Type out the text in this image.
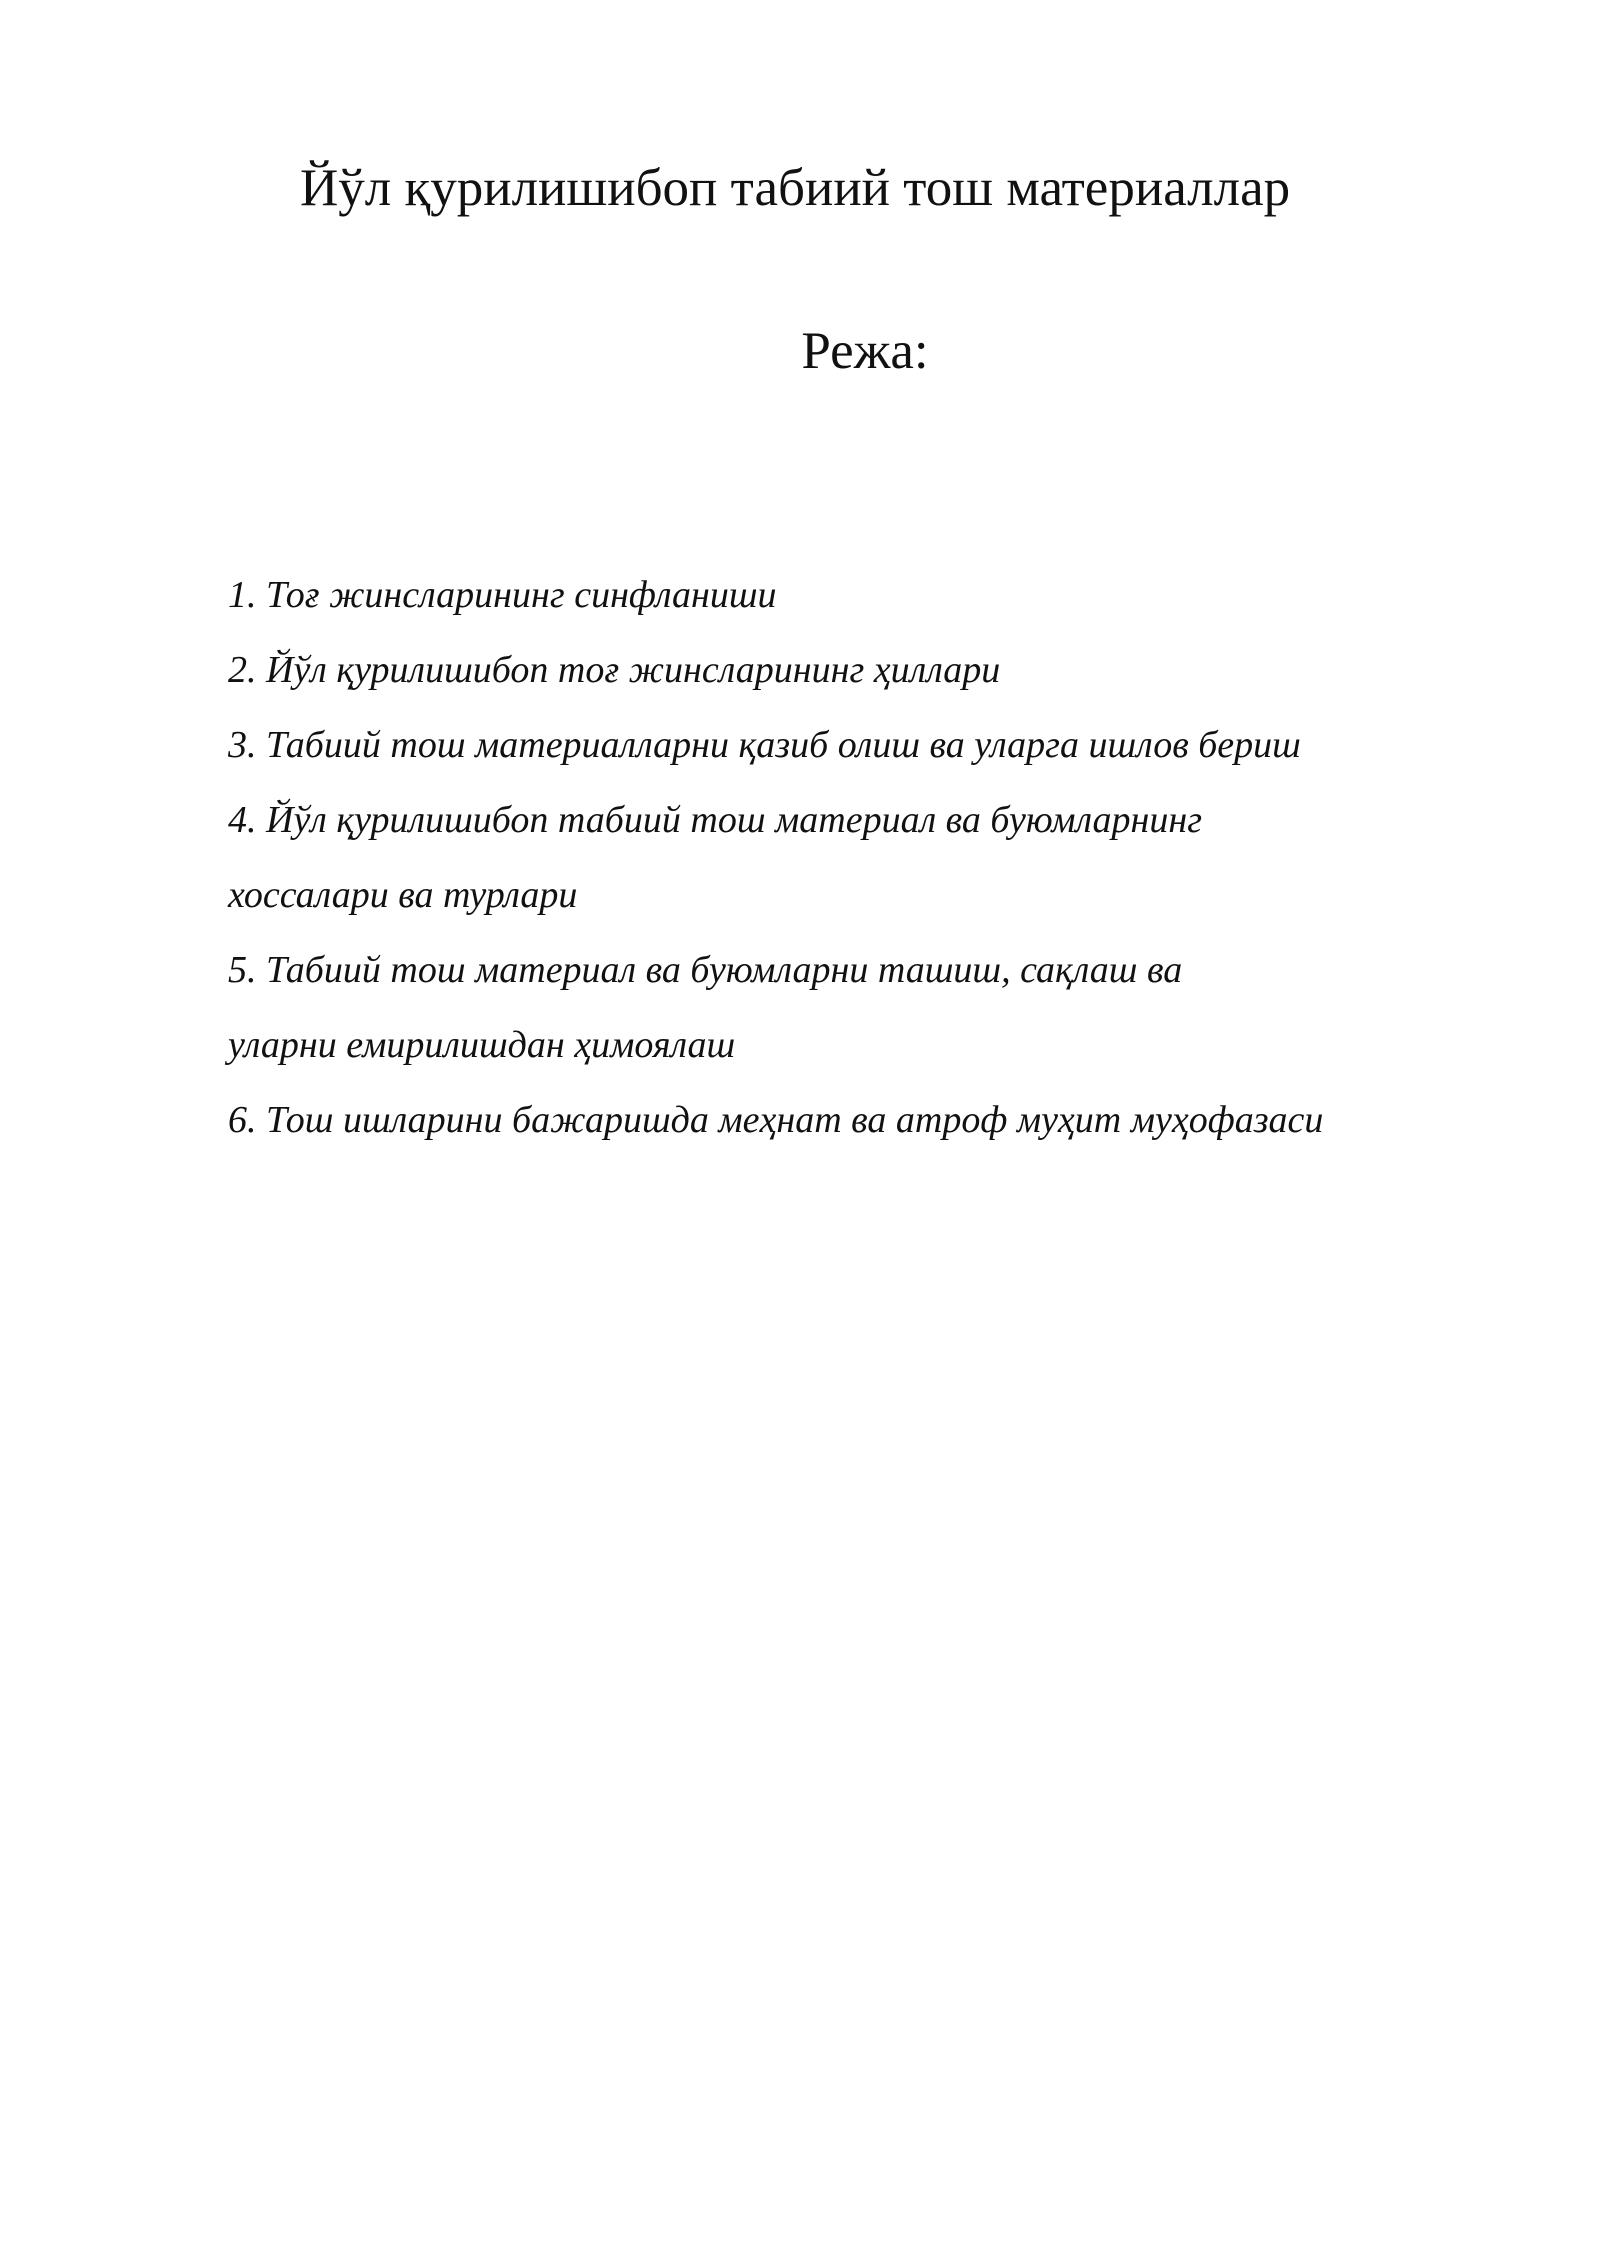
Йўл қурилишибоп табиий тош материаллар
Режа:
1. Тоғ жинсларининг синфланиши
2. Йўл қурилишибоп тоғ жинсларининг ҳиллари
3. Табиий тош материалларни қазиб олиш ва уларга ишлов бериш
4. Йўл қурилишибоп табиий тош материал ва буюмларнинг
хоссалари ва турлари
5. Табиий тош материал ва буюмларни ташиш, сақлаш ва
уларни емирилишдан ҳимоялаш
6. Тош ишларини бажаришда меҳнат ва атроф муҳит муҳофазаси
